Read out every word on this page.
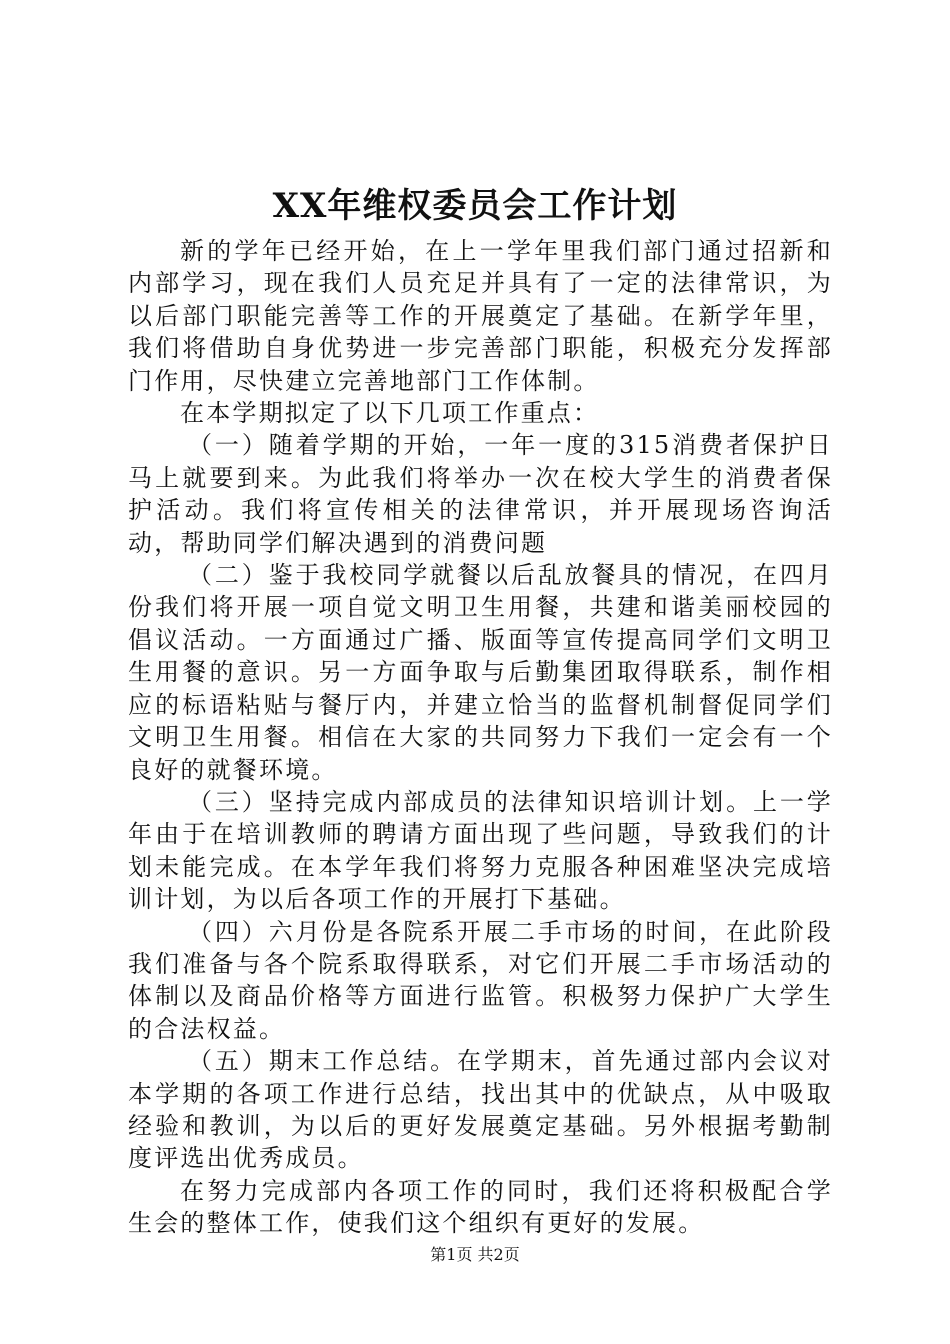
XX年维权委员会工作计划

新的学年已经开始，在上一学年里我们部门通过招新和内部学习，现在我们人员充足并具有了一定的法律常识，为以后部门职能完善等工作的开展奠定了基础。在新学年里，我们将借助自身优势进一步完善部门职能，积极充分发挥部门作用，尽快建立完善地部门工作体制。

在本学期拟定了以下几项工作重点：

（一）随着学期的开始，一年一度的315消费者保护日马上就要到来。为此我们将举办一次在校大学生的消费者保护活动。我们将宣传相关的法律常识，并开展现场咨询活动，帮助同学们解决遇到的消费问题

（二）鉴于我校同学就餐以后乱放餐具的情况，在四月份我们将开展一项自觉文明卫生用餐，共建和谐美丽校园的倡议活动。一方面通过广播、版面等宣传提高同学们文明卫生用餐的意识。另一方面争取与后勤集团取得联系，制作相应的标语粘贴与餐厅内，并建立恰当的监督机制督促同学们文明卫生用餐。相信在大家的共同努力下我们一定会有一个良好的就餐环境。

（三）坚持完成内部成员的法律知识培训计划。上一学年由于在培训教师的聘请方面出现了些问题，导致我们的计划未能完成。在本学年我们将努力克服各种困难坚决完成培训计划，为以后各项工作的开展打下基础。

（四）六月份是各院系开展二手市场的时间，在此阶段我们准备与各个院系取得联系，对它们开展二手市场活动的体制以及商品价格等方面进行监管。积极努力保护广大学生的合法权益。

（五）期末工作总结。在学期末，首先通过部内会议对本学期的各项工作进行总结，找出其中的优缺点，从中吸取经验和教训，为以后的更好发展奠定基础。另外根据考勤制度评选出优秀成员。

在努力完成部内各项工作的同时，我们还将积极配合学生会的整体工作，使我们这个组织有更好的发展。

第1页 共2页
